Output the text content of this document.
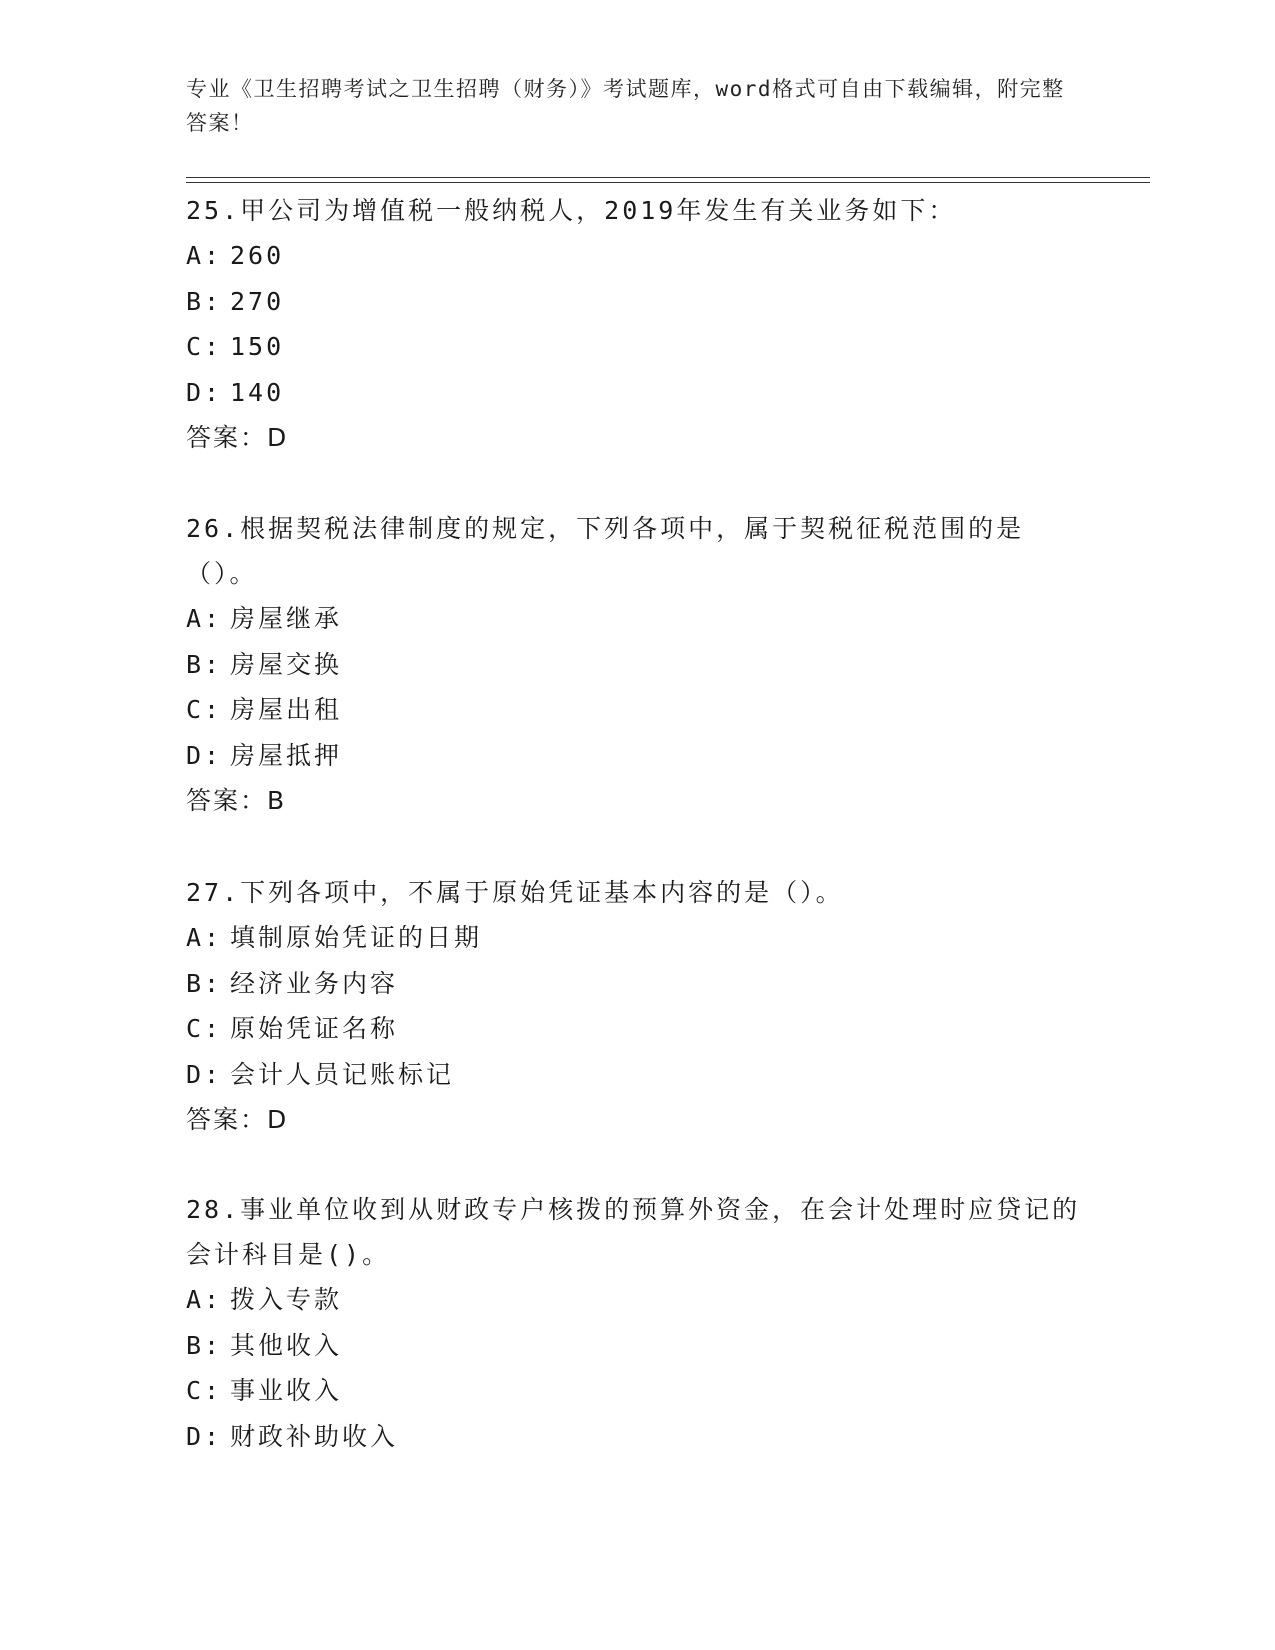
专业《卫生招聘考试之卫生招聘（财务）》考试题库，word格式可自由下载编辑，附完整答案！

25.甲公司为增值税一般纳税人，2019年发生有关业务如下：

A: 260

B: 270

C: 150

D: 140

答案：D

26.根据契税法律制度的规定，下列各项中，属于契税征税范围的是（）。

A: 房屋继承

B: 房屋交换

C: 房屋出租

D: 房屋抵押

答案：B

27.下列各项中，不属于原始凭证基本内容的是（）。

A: 填制原始凭证的日期

B: 经济业务内容

C: 原始凭证名称

D: 会计人员记账标记

答案：D

28.事业单位收到从财政专户核拨的预算外资金，在会计处理时应贷记的会计科目是()。

A: 拨入专款

B: 其他收入

C: 事业收入

D: 财政补助收入
